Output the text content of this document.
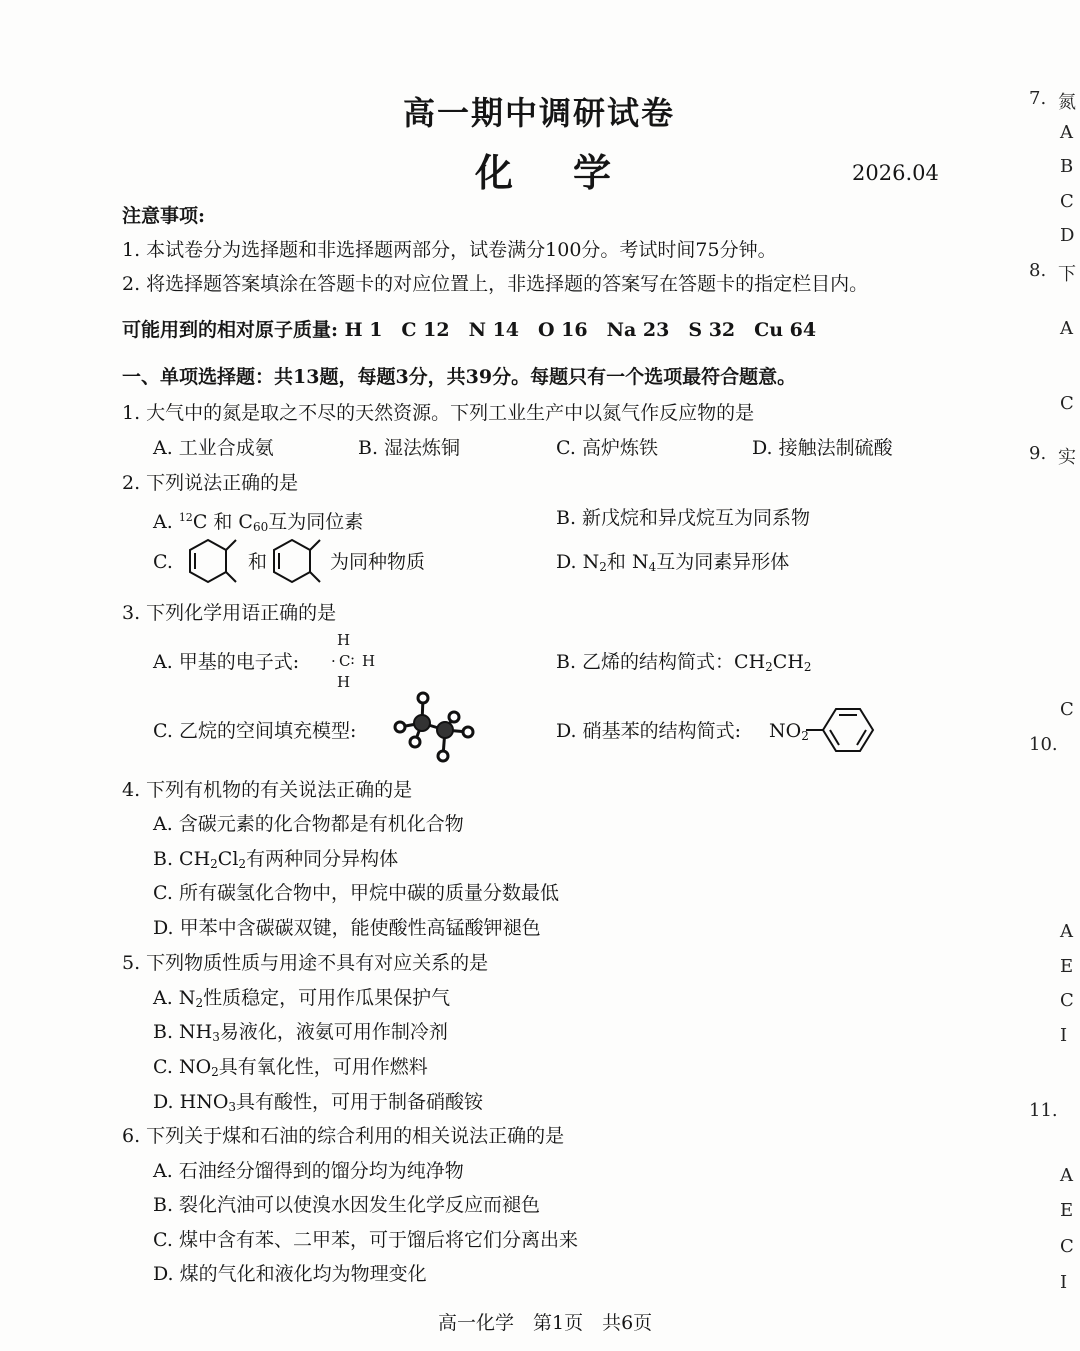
高一期中调研试卷
化学	2026.04
注意事项:
1. 本试卷分为选择题和非选择题两部分，试卷满分100分。考试时间75分钟。
2. 将选择题答案填涂在答题卡的对应位置上，非选择题的答案写在答题卡的指定栏目内。
可能用到的相对原子质量: H 1　C 12　N 14　O 16　Na 23　S 32　Cu 64
一、单项选择题：共13题，每题3分，共39分。每题只有一个选项最符合题意。
1. 大气中的氮是取之不尽的天然资源。下列工业生产中以氮气作反应物的是
A. 工业合成氨	B. 湿法炼铜	C. 高炉炼铁	D. 接触法制硫酸
2. 下列说法正确的是
A. $^{12}$C 和 $C_{60}$互为同位素	B. 新戊烷和异戊烷互为同系物
C.	和	为同种物质	D. $N_2$和 $N_4$互为同素异形体
3. 下列化学用语正确的是
A. 甲基的电子式:
H
· C : H
H
B. 乙烯的结构简式：$CH_2CH_2$
C. 乙烷的空间填充模型:	D. 硝基苯的结构简式: $NO_2$
4. 下列有机物的有关说法正确的是
A. 含碳元素的化合物都是有机化合物
B. $CH_2Cl_2$有两种同分异构体
C. 所有碳氢化合物中，甲烷中碳的质量分数最低
D. 甲苯中含碳碳双键，能使酸性高锰酸钾褪色
5. 下列物质性质与用途不具有对应关系的是
A. $N_2$性质稳定，可用作瓜果保护气
B. $NH_3$易液化，液氨可用作制冷剂
C. $NO_2$具有氧化性，可用作燃料
D. $HNO_3$具有酸性，可用于制备硝酸铵
6. 下列关于煤和石油的综合利用的相关说法正确的是
A. 石油经分馏得到的馏分均为纯净物
B. 裂化汽油可以使溴水因发生化学反应而褪色
C. 煤中含有苯、二甲苯，可于馏后将它们分离出来
D. 煤的气化和液化均为物理变化
高一化学　第1页　共6页
7. 氮
A
B
C
D
8. 下
A
C
9. 实
C
10.
A
E
C
I
11.
A
E
C
I
